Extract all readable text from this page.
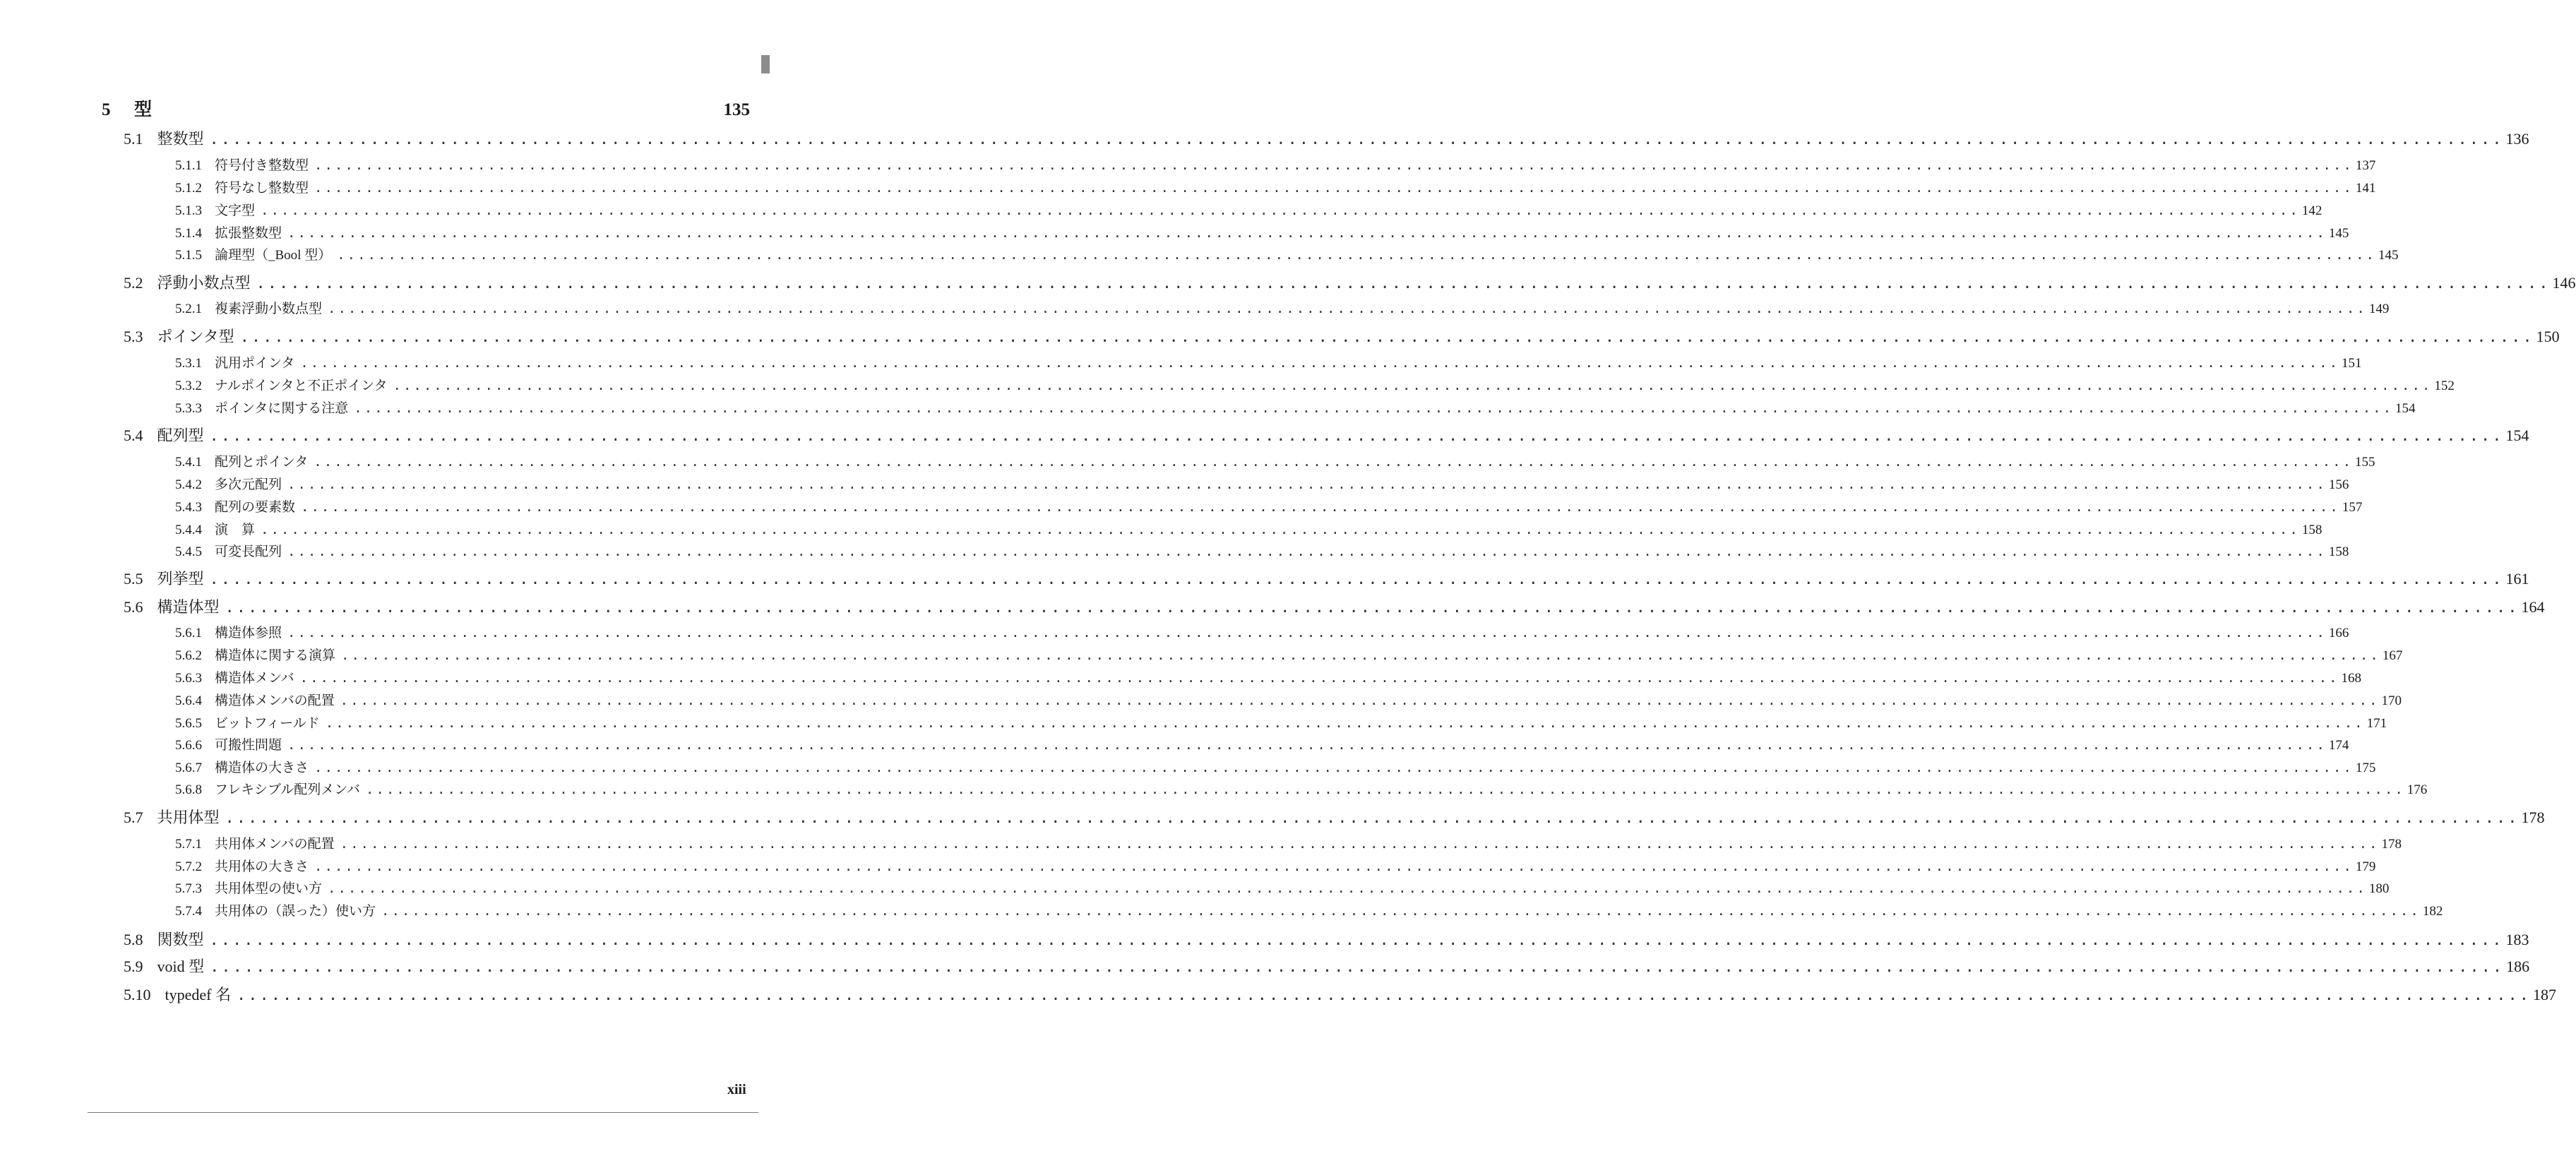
5	型	135
5.1 整数型 ........................................................................................................................................................................................................ 136
5.1.1 符号付き整数型 ........................................................................................................................................................................................................ 137
5.1.2 符号なし整数型 ........................................................................................................................................................................................................ 141
5.1.3 文字型 ........................................................................................................................................................................................................ 142
5.1.4 拡張整数型 ........................................................................................................................................................................................................ 145
5.1.5 論理型（_Bool 型） ........................................................................................................................................................................................................ 145
5.2 浮動小数点型 ........................................................................................................................................................................................................ 146
5.2.1 複素浮動小数点型 ........................................................................................................................................................................................................ 149
5.3 ポインタ型 ........................................................................................................................................................................................................ 150
5.3.1 汎用ポインタ ........................................................................................................................................................................................................ 151
5.3.2 ナルポインタと不正ポインタ ........................................................................................................................................................................................................ 152
5.3.3 ポインタに関する注意 ........................................................................................................................................................................................................ 154
5.4 配列型 ........................................................................................................................................................................................................ 154
5.4.1 配列とポインタ ........................................................................................................................................................................................................ 155
5.4.2 多次元配列 ........................................................................................................................................................................................................ 156
5.4.3 配列の要素数 ........................................................................................................................................................................................................ 157
5.4.4 演　算 ........................................................................................................................................................................................................ 158
5.4.5 可変長配列 ........................................................................................................................................................................................................ 158
5.5 列挙型 ........................................................................................................................................................................................................ 161
5.6 構造体型 ........................................................................................................................................................................................................ 164
5.6.1 構造体参照 ........................................................................................................................................................................................................ 166
5.6.2 構造体に関する演算 ........................................................................................................................................................................................................ 167
5.6.3 構造体メンバ ........................................................................................................................................................................................................ 168
5.6.4 構造体メンバの配置 ........................................................................................................................................................................................................ 170
5.6.5 ビットフィールド ........................................................................................................................................................................................................ 171
5.6.6 可搬性問題 ........................................................................................................................................................................................................ 174
5.6.7 構造体の大きさ ........................................................................................................................................................................................................ 175
5.6.8 フレキシブル配列メンバ ........................................................................................................................................................................................................ 176
5.7 共用体型 ........................................................................................................................................................................................................ 178
5.7.1 共用体メンバの配置 ........................................................................................................................................................................................................ 178
5.7.2 共用体の大きさ ........................................................................................................................................................................................................ 179
5.7.3 共用体型の使い方 ........................................................................................................................................................................................................ 180
5.7.4 共用体の（誤った）使い方 ........................................................................................................................................................................................................ 182
5.8 関数型 ........................................................................................................................................................................................................ 183
5.9 void 型 ........................................................................................................................................................................................................ 186
5.10 typedef 名 ........................................................................................................................................................................................................ 187
xiii
